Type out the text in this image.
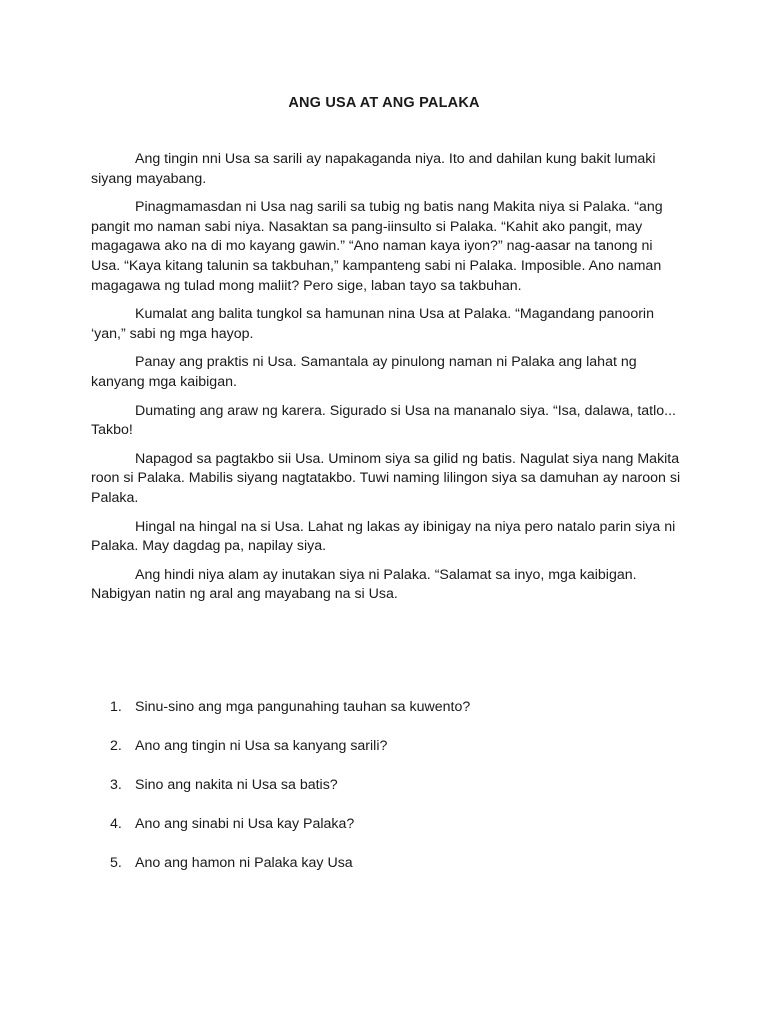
ANG USA AT ANG PALAKA

Ang tingin nni Usa sa sarili ay napakaganda niya. Ito and dahilan kung bakit lumaki siyang mayabang.

Pinagmamasdan ni Usa nag sarili sa tubig ng batis nang Makita niya si Palaka. “ang pangit mo naman sabi niya. Nasaktan sa pang-iinsulto si Palaka. “Kahit ako pangit, may magagawa ako na di mo kayang gawin.” “Ano naman kaya iyon?” nag-aasar na tanong ni Usa. “Kaya kitang talunin sa takbuhan,” kampanteng sabi ni Palaka. Imposible. Ano naman magagawa ng tulad mong maliit? Pero sige, laban tayo sa takbuhan.

Kumalat ang balita tungkol sa hamunan nina Usa at Palaka. “Magandang panoorin ‘yan,” sabi ng mga hayop.

Panay ang praktis ni Usa. Samantala ay pinulong naman ni Palaka ang lahat ng kanyang mga kaibigan.

Dumating ang araw ng karera. Sigurado si Usa na mananalo siya. “Isa, dalawa, tatlo... Takbo!

Napagod sa pagtakbo sii Usa. Uminom siya sa gilid ng batis. Nagulat siya nang Makita roon si Palaka. Mabilis siyang nagtatakbo. Tuwi naming lilingon siya sa damuhan ay naroon si Palaka.

Hingal na hingal na si Usa. Lahat ng lakas ay ibinigay na niya pero natalo parin siya ni Palaka. May dagdag pa, napilay siya.

Ang hindi niya alam ay inutakan siya ni Palaka. “Salamat sa inyo, mga kaibigan. Nabigyan natin ng aral ang mayabang na si Usa.

1. Sinu-sino ang mga pangunahing tauhan sa kuwento?
2. Ano ang tingin ni Usa sa kanyang sarili?
3. Sino ang nakita ni Usa sa batis?
4. Ano ang sinabi ni Usa kay Palaka?
5. Ano ang hamon ni Palaka kay Usa
